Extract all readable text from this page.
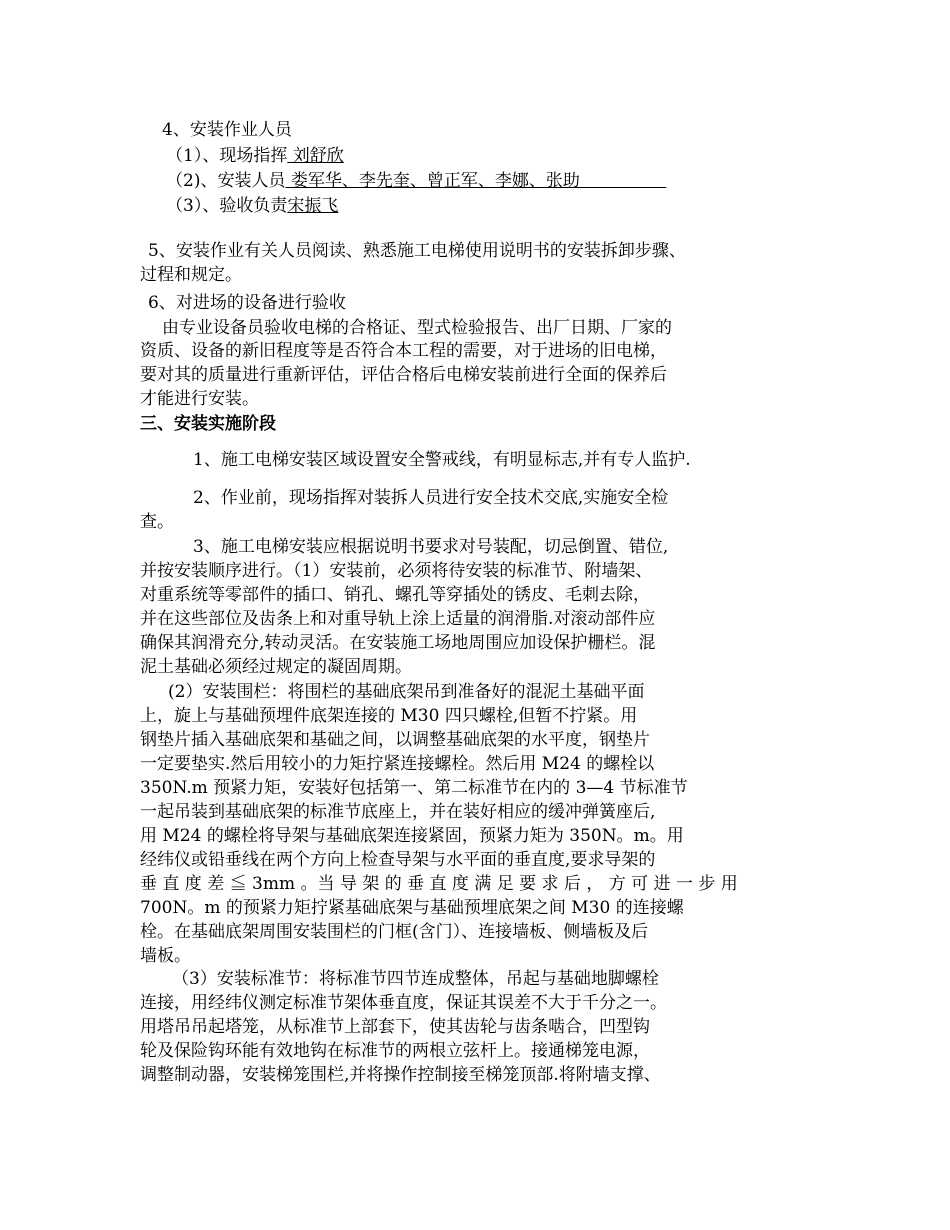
4、安装作业人员
（1）、现场指挥 刘舒欣
（2)、安装人员 娄军华、李先奎、曾正军、李娜、张助
（3）、验收负责宋振飞
5、安装作业有关人员阅读、熟悉施工电梯使用说明书的安装拆卸步骤、
过程和规定。
6、对进场的设备进行验收
由专业设备员验收电梯的合格证、型式检验报告、出厂日期、厂家的
资质、设备的新旧程度等是否符合本工程的需要，对于进场的旧电梯，
要对其的质量进行重新评估，评估合格后电梯安装前进行全面的保养后
才能进行安装。
三、安装实施阶段
1、施工电梯安装区域设置安全警戒线，有明显标志,并有专人监护.
2、作业前，现场指挥对装拆人员进行安全技术交底,实施安全检
查。
3、施工电梯安装应根据说明书要求对号装配，切忌倒置、错位,
并按安装顺序进行。（1）安装前，必须将待安装的标准节、附墙架、
对重系统等零部件的插口、销孔、螺孔等穿插处的锈皮、毛刺去除，
并在这些部位及齿条上和对重导轨上涂上适量的润滑脂.对滚动部件应
确保其润滑充分,转动灵活。在安装施工场地周围应加设保护栅栏。混
泥土基础必须经过规定的凝固周期。
(2）安装围栏：将围栏的基础底架吊到准备好的混泥土基础平面
上，旋上与基础预埋件底架连接的 M30 四只螺栓,但暂不拧紧。用
钢垫片插入基础底架和基础之间，以调整基础底架的水平度，钢垫片
一定要垫实.然后用较小的力矩拧紧连接螺栓。然后用 M24 的螺栓以
350N.m 预紧力矩，安装好包括第一、第二标准节在内的 3—4 节标准节
一起吊装到基础底架的标准节底座上，并在装好相应的缓冲弹簧座后,
用 M24 的螺栓将导架与基础底架连接紧固，预紧力矩为 350N。m。用
经纬仪或铅垂线在两个方向上检查导架与水平面的垂直度,要求导架的
垂 直 度 差 ≦ 3mm 。当 导 架 的 垂 直 度 满 足 要 求 后 ， 方 可 进 一 步 用
700N。m 的预紧力矩拧紧基础底架与基础预埋底架之间 M30 的连接螺
栓。在基础底架周围安装围栏的门框(含门）、连接墙板、侧墙板及后
墙板。
（3）安装标准节：将标准节四节连成整体，吊起与基础地脚螺栓
连接，用经纬仪测定标准节架体垂直度，保证其误差不大于千分之一。
用塔吊吊起塔笼，从标准节上部套下，使其齿轮与齿条啮合，凹型钩
轮及保险钩环能有效地钩在标准节的两根立弦杆上。接通梯笼电源，
调整制动器，安装梯笼围栏,并将操作控制接至梯笼顶部.将附墙支撑、
